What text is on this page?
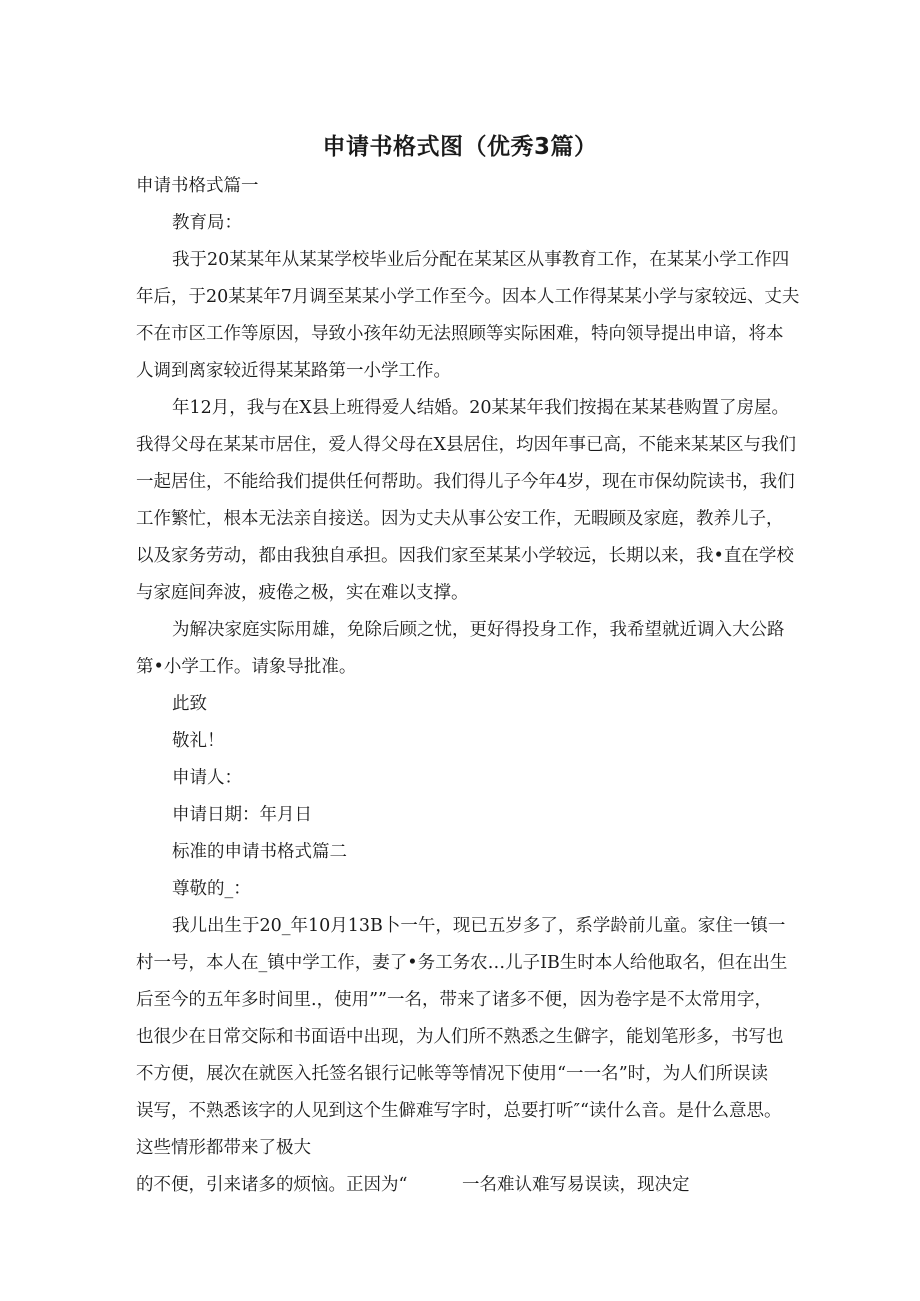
申请书格式图（优秀3篇）
申请书格式篇一
教育局：
我于20某某年从某某学校毕业后分配在某某区从事教育工作，在某某小学工作四
年后，于20某某年7月调至某某小学工作至今。因本人工作得某某小学与家较远、丈夫
不在市区工作等原因，导致小孩年幼无法照顾等实际困难，特向领导提出申谙，将本
人调到离家较近得某某路第一小学工作。
年12月，我与在X县上班得爱人结婚。20某某年我们按揭在某某巷购置了房屋。
我得父母在某某市居住，爱人得父母在X县居住，均因年事已高，不能来某某区与我们
一起居住，不能给我们提供任何帮助。我们得儿子今年4岁，现在市保幼院读书，我们
工作繁忙，根本无法亲自接送。因为丈夫从事公安工作，无暇顾及家庭，教养儿子，
以及家务劳动，都由我独自承担。因我们家至某某小学较远，长期以来，我•直在学校
与家庭间奔波，疲倦之极，实在难以支撑。
为解决家庭实际用雄，免除后顾之忧，更好得投身工作，我希望就近调入大公路
第•小学工作。请象导批准。
此致
敬礼！
申请人：
申请日期：年月日
标准的申请书格式篇二
尊敬的_：
我儿出生于20_年10月13B卜一午，现已五岁多了，系学龄前儿童。家住一镇一
村一号，本人在_镇中学工作，妻了•务工务农…儿子IB生时本人给他取名，但在出生
后至今的五年多时间里.，使用””一名，带来了诸多不便，因为卷字是不太常用字，
也很少在日常交际和书面语中出现，为人们所不熟悉之生僻字，能划笔形多，书写也
不方便，展次在就医入托签名银行记帐等等情况下使用“一一名”时，为人们所误读
误写，不熟悉该字的人见到这个生僻难写字时，总要打听″“读什么音。是什么意思。
这些情形都带来了极大
的不便，引来诸多的烦恼。正因为“	一名难认难写易误读，现决定
